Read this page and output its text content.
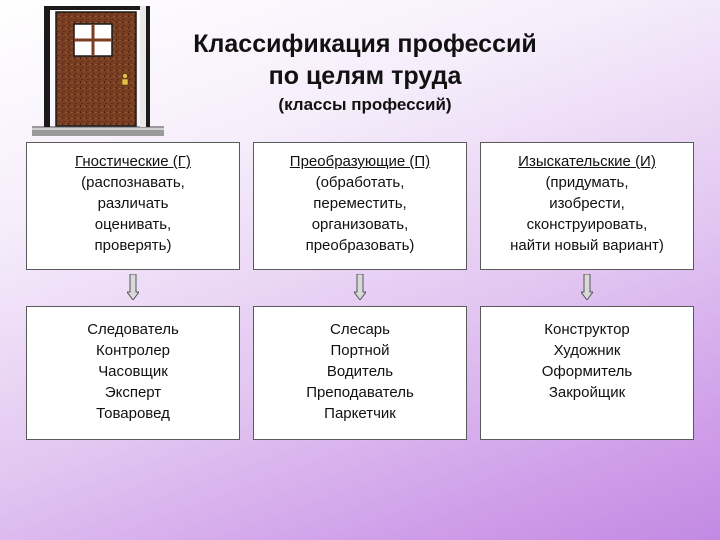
Классификация профессий
по целям труда
(классы профессий)
Гностические (Г)
(распознавать,
различать
оценивать,
проверять)
Преобразующие (П)
(обработать,
переместить,
организовать,
преобразовать)
Изыскательские (И)
(придумать,
изобрести,
сконструировать,
найти новый вариант)
Следователь
Контролер
Часовщик
Эксперт
Товаровед
Слесарь
Портной
Водитель
Преподаватель
Паркетчик
Конструктор
Художник
Оформитель
Закройщик
